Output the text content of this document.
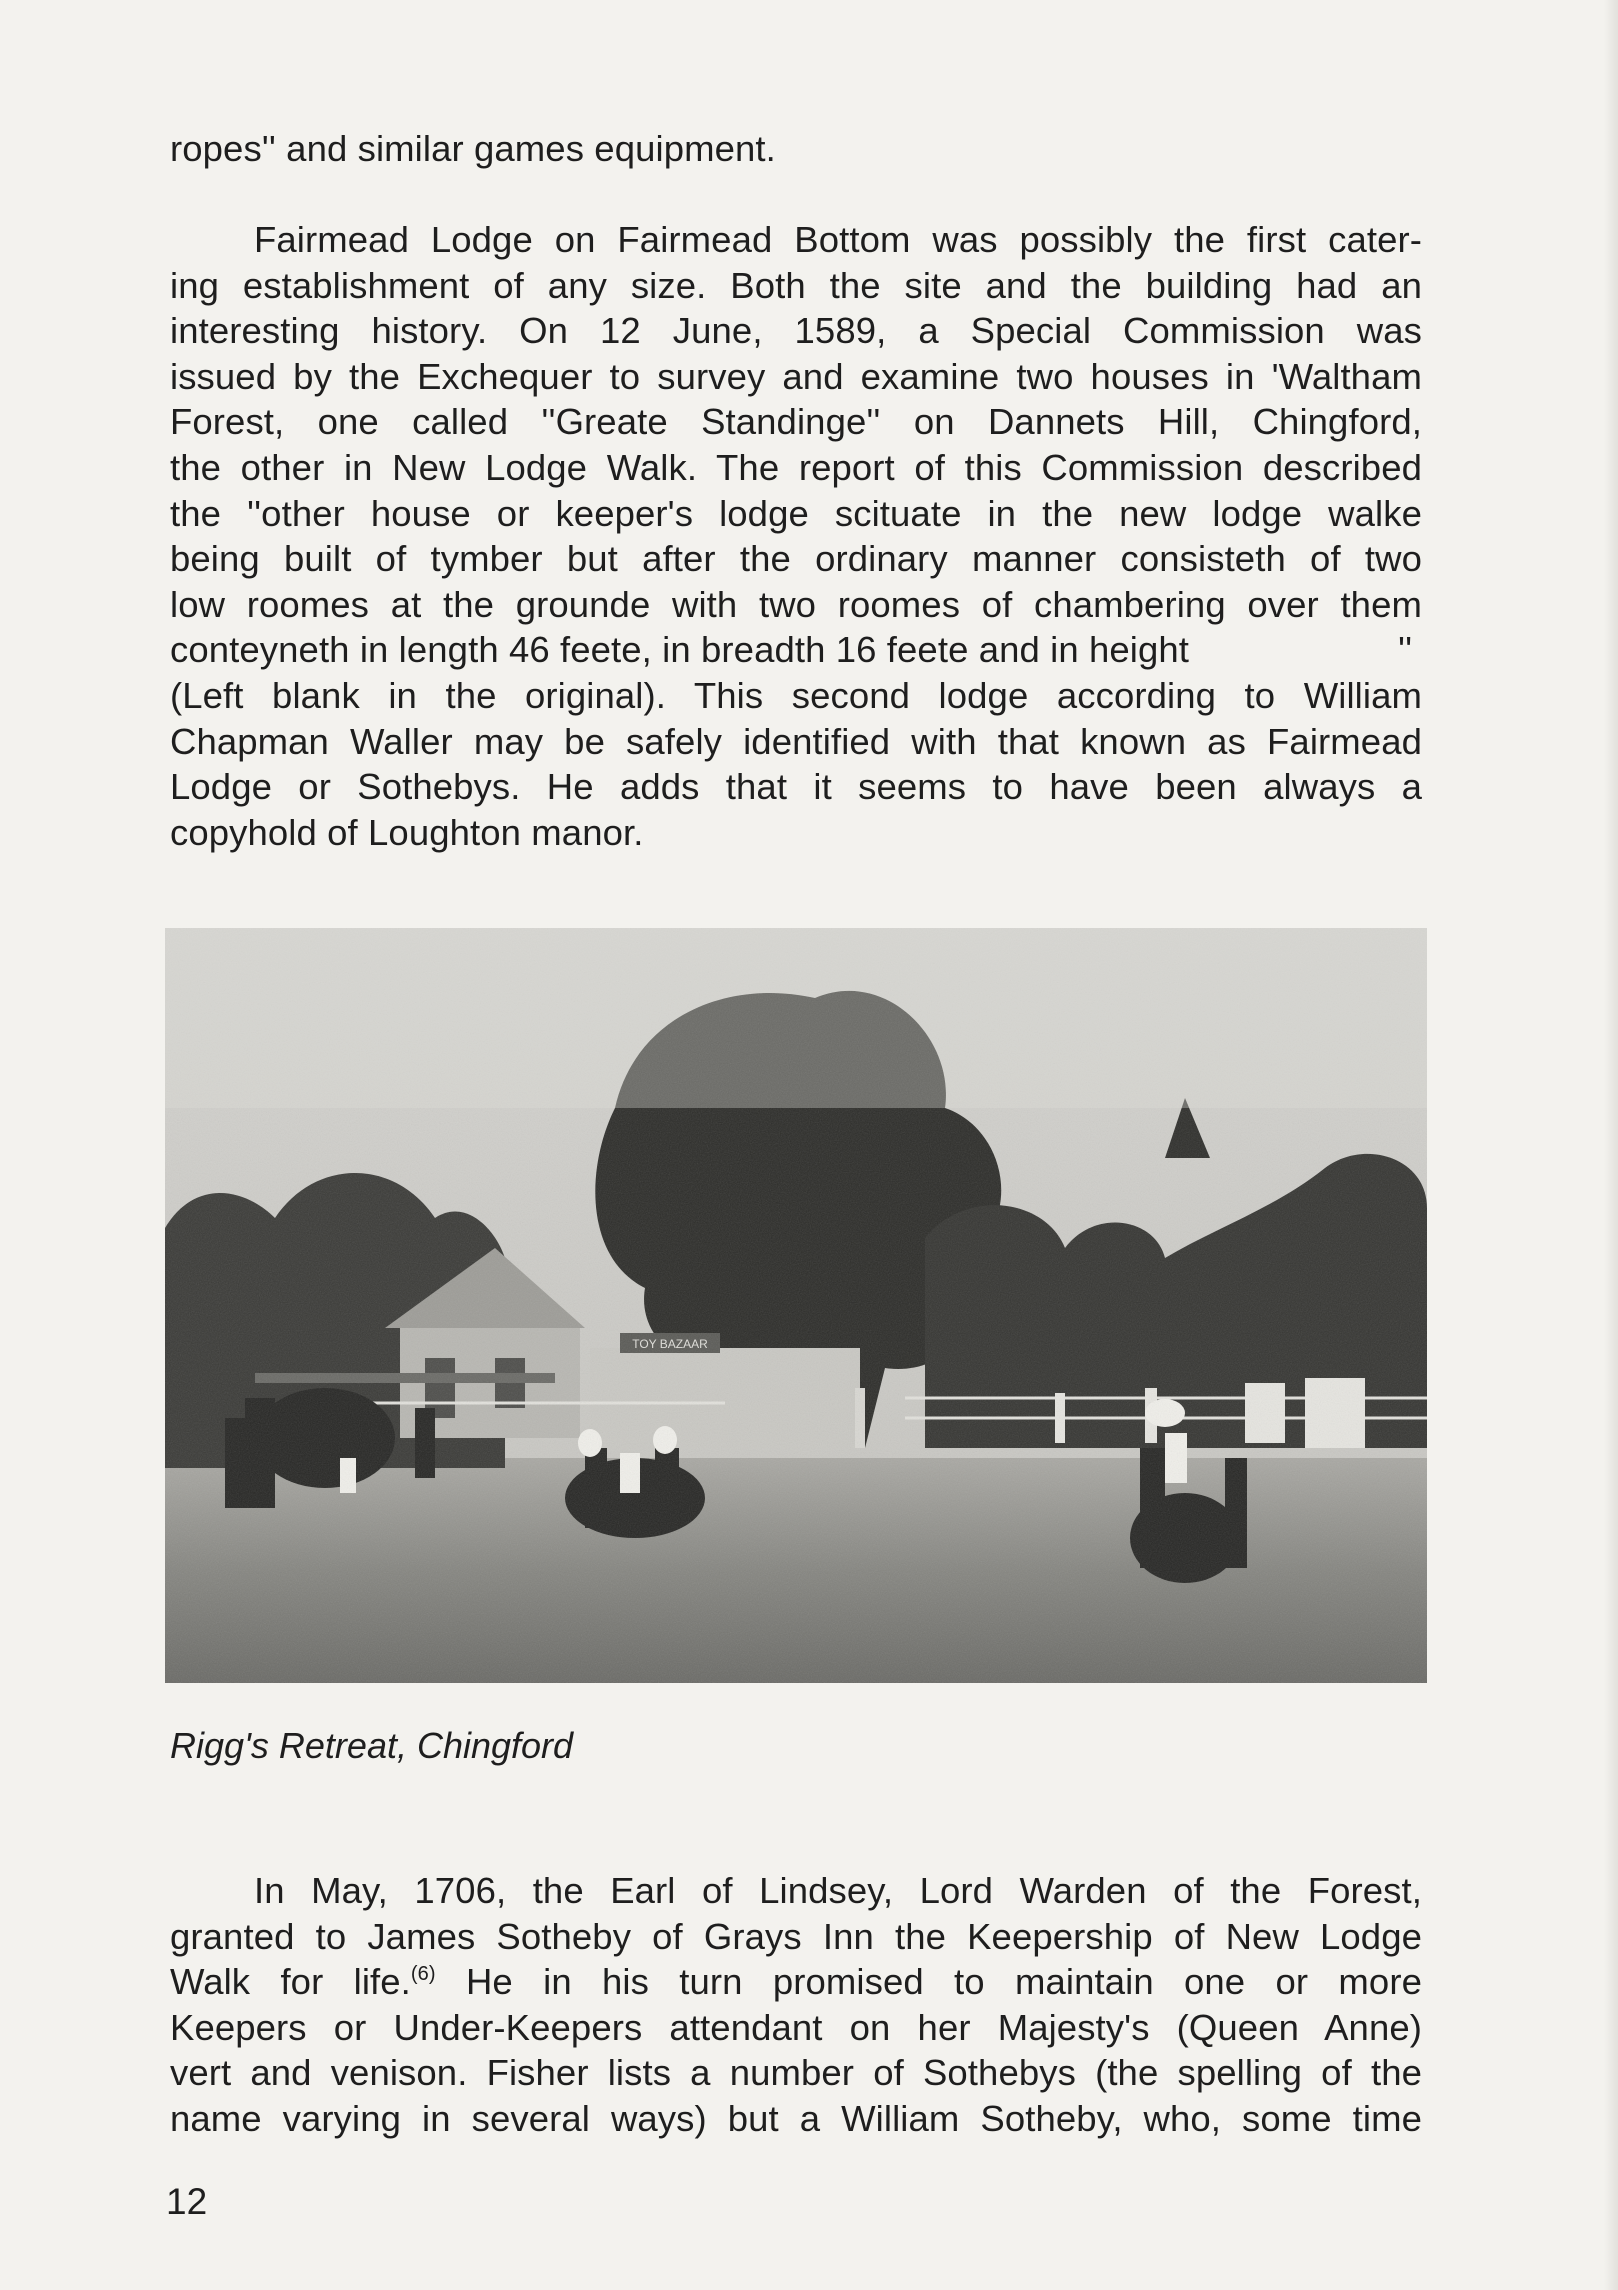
ropes'' and similar games equipment.

Fairmead Lodge on Fairmead Bottom was possibly the first cater-
ing establishment of any size. Both the site and the building had an
interesting history. On 12 June, 1589, a Special Commission was
issued by the Exchequer to survey and examine two houses in 'Waltham
Forest, one called ''Greate Standinge'' on Dannets Hill, Chingford,
the other in New Lodge Walk. The report of this Commission described
the ''other house or keeper's lodge scituate in the new lodge walke
being built of tymber but after the ordinary manner consisteth of two
low roomes at the grounde with two roomes of chambering over them
conteyneth in length 46 feete, in breadth 16 feete and in height	''
(Left blank in the original). This second lodge according to William
Chapman Waller may be safely identified with that known as Fairmead
Lodge or Sothebys. He adds that it seems to have been always a
copyhold of Loughton manor.

Rigg's Retreat, Chingford

In May, 1706, the Earl of Lindsey, Lord Warden of the Forest,
granted to James Sotheby of Grays Inn the Keepership of New Lodge
Walk for life.$^{(6)}$ He in his turn promised to maintain one or more
Keepers or Under-Keepers attendant on her Majesty's (Queen Anne)
vert and venison. Fisher lists a number of Sothebys (the spelling of the
name varying in several ways) but a William Sotheby, who, some time

12
